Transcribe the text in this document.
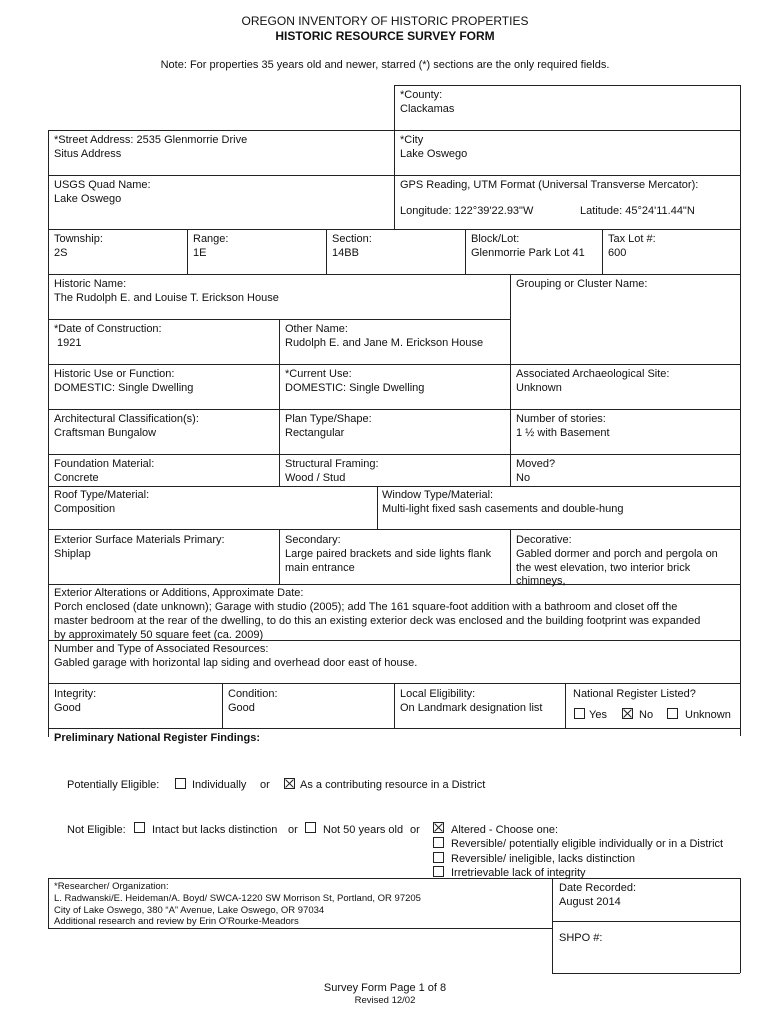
OREGON INVENTORY OF HISTORIC PROPERTIES
HISTORIC RESOURCE SURVEY FORM
Note: For properties 35 years old and newer, starred (*) sections are the only required fields.
*County:
Clackamas
*Street Address: 2535 Glenmorrie Drive
Situs Address
*City
Lake Oswego
USGS Quad Name:
Lake Oswego
GPS Reading, UTM Format (Universal Transverse Mercator):
Longitude: 122°39'22.93"W	Latitude: 45°24'11.44"N
Township:
2S
Range:
1E
Section:
14BB
Block/Lot:
Glenmorrie Park Lot 41
Tax Lot #:
600
Historic Name:
The Rudolph E. and Louise T. Erickson House
Grouping or Cluster Name:
*Date of Construction:
1921
Other Name:
Rudolph E. and Jane M. Erickson House
Historic Use or Function:
DOMESTIC: Single Dwelling
*Current Use:
DOMESTIC: Single Dwelling
Associated Archaeological Site:
Unknown
Architectural Classification(s):
Craftsman Bungalow
Plan Type/Shape:
Rectangular
Number of stories:
1 ½ with Basement
Foundation Material:
Concrete
Structural Framing:
Wood / Stud
Moved?
No
Roof Type/Material:
Composition
Window Type/Material:
Multi-light fixed sash casements and double-hung
Exterior Surface Materials Primary:
Shiplap
Secondary:
Large paired brackets and side lights flank
main entrance
Decorative:
Gabled dormer and porch and pergola on
the west elevation, two interior brick
chimneys,
Exterior Alterations or Additions, Approximate Date:
Porch enclosed (date unknown); Garage with studio (2005); add The 161 square-foot addition with a bathroom and closet off the
master bedroom at the rear of the dwelling, to do this an existing exterior deck was enclosed and the building footprint was expanded
by approximately 50 square feet (ca. 2009)
Number and Type of Associated Resources:
Gabled garage with horizontal lap siding and overhead door east of house.
Integrity:
Good
Condition:
Good
Local Eligibility:
On Landmark designation list
National Register Listed?
Yes	No	Unknown
Preliminary National Register Findings:
Potentially Eligible:	Individually or	As a contributing resource in a District
Not Eligible: Intact but lacks distinction or Not 50 years old or	Altered - Choose one:
Reversible/ potentially eligible individually or in a District
Reversible/ ineligible, lacks distinction
Irretrievable lack of integrity
*Researcher/ Organization:
L. Radwanski/E. Heideman/A. Boyd/ SWCA-1220 SW Morrison St, Portland, OR 97205
City of Lake Oswego, 380 “A” Avenue, Lake Oswego, OR 97034
Additional research and review by Erin O'Rourke-Meadors
Date Recorded:
August 2014
SHPO #:
Survey Form Page 1 of 8
Revised 12/02
